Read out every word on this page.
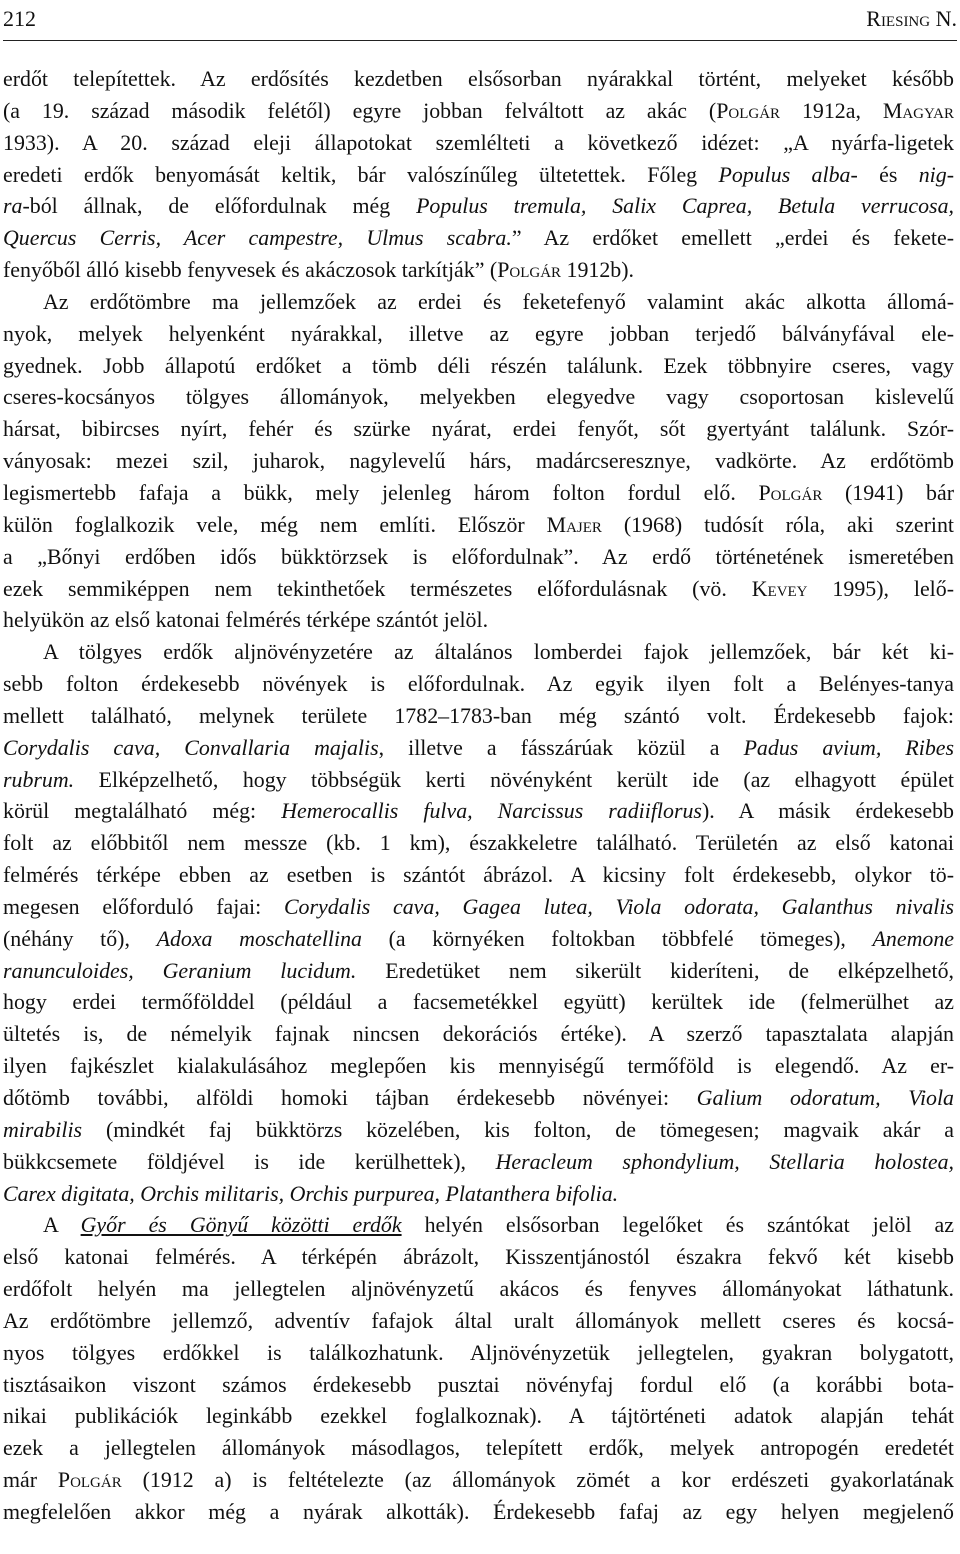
212	Riesing N.
erdőt telepítettek. Az erdősítés kezdetben elsősorban nyárakkal történt, melyeket később
(a 19. század második felétől) egyre jobban felváltott az akác (Polgár 1912a, Magyar
1933). A 20. század eleji állapotokat szemlélteti a következő idézet: „A nyárfa-ligetek
eredeti erdők benyomását keltik, bár valószínűleg ültetettek. Főleg Populus alba- és nig-
ra-ból állnak, de előfordulnak még Populus tremula, Salix Caprea, Betula verrucosa,
Quercus Cerris, Acer campestre, Ulmus scabra.” Az erdőket emellett „erdei és fekete-
fenyőből álló kisebb fenyvesek és akáczosok tarkítják” (Polgár 1912b).
Az erdőtömbre ma jellemzőek az erdei és feketefenyő valamint akác alkotta állomá-
nyok, melyek helyenként nyárakkal, illetve az egyre jobban terjedő bálványfával ele-
gyednek. Jobb állapotú erdőket a tömb déli részén találunk. Ezek többnyire cseres, vagy
cseres-kocsányos tölgyes állományok, melyekben elegyedve vagy csoportosan kislevelű
hársat, bibircses nyírt, fehér és szürke nyárat, erdei fenyőt, sőt gyertyánt találunk. Szór-
ványosak: mezei szil, juharok, nagylevelű hárs, madárcseresznye, vadkörte. Az erdőtömb
legismertebb fafaja a bükk, mely jelenleg három folton fordul elő. Polgár (1941) bár
külön foglalkozik vele, még nem említi. Először Majer (1968) tudósít róla, aki szerint
a „Bőnyi erdőben idős bükktörzsek is előfordulnak”. Az erdő történetének ismeretében
ezek semmiképpen nem tekinthetőek természetes előfordulásnak (vö. Kevey 1995), lelő-
helyükön az első katonai felmérés térképe szántót jelöl.
A tölgyes erdők aljnövényzetére az általános lomberdei fajok jellemzőek, bár két ki-
sebb folton érdekesebb növények is előfordulnak. Az egyik ilyen folt a Belényes-tanya
mellett található, melynek területe 1782–1783-ban még szántó volt. Érdekesebb fajok:
Corydalis cava, Convallaria majalis, illetve a fásszárúak közül a Padus avium, Ribes
rubrum. Elképzelhető, hogy többségük kerti növényként került ide (az elhagyott épület
körül megtalálható még: Hemerocallis fulva, Narcissus radiiflorus). A másik érdekesebb
folt az előbbitől nem messze (kb. 1 km), északkeletre található. Területén az első katonai
felmérés térképe ebben az esetben is szántót ábrázol. A kicsiny folt érdekesebb, olykor tö-
megesen előforduló fajai: Corydalis cava, Gagea lutea, Viola odorata, Galanthus nivalis
(néhány tő), Adoxa moschatellina (a környéken foltokban többfelé tömeges), Anemone
ranunculoides, Geranium lucidum. Eredetüket nem sikerült kideríteni, de elképzelhető,
hogy erdei termőfölddel (például a facsemetékkel együtt) kerültek ide (felmerülhet az
ültetés is, de némelyik fajnak nincsen dekorációs értéke). A szerző tapasztalata alapján
ilyen fajkészlet kialakulásához meglepően kis mennyiségű termőföld is elegendő. Az er-
dőtömb további, alföldi homoki tájban érdekesebb növényei: Galium odoratum, Viola
mirabilis (mindkét faj bükktörzs közelében, kis folton, de tömegesen; magvaik akár a
bükkcsemete földjével is ide kerülhettek), Heracleum sphondylium, Stellaria holostea,
Carex digitata, Orchis militaris, Orchis purpurea, Platanthera bifolia.
A Győr és Gönyű közötti erdők helyén elsősorban legelőket és szántókat jelöl az
első katonai felmérés. A térképén ábrázolt, Kisszentjánostól északra fekvő két kisebb
erdőfolt helyén ma jellegtelen aljnövényzetű akácos és fenyves állományokat láthatunk.
Az erdőtömbre jellemző, adventív fafajok által uralt állományok mellett cseres és kocsá-
nyos tölgyes erdőkkel is találkozhatunk. Aljnövényzetük jellegtelen, gyakran bolygatott,
tisztásaikon viszont számos érdekesebb pusztai növényfaj fordul elő (a korábbi bota-
nikai publikációk leginkább ezekkel foglalkoznak). A tájtörténeti adatok alapján tehát
ezek a jellegtelen állományok másodlagos, telepített erdők, melyek antropogén eredetét
már Polgár (1912 a) is feltételezte (az állományok zömét a kor erdészeti gyakorlatának
megfelelően akkor még a nyárak alkották). Érdekesebb fafaj az egy helyen megjelenő
